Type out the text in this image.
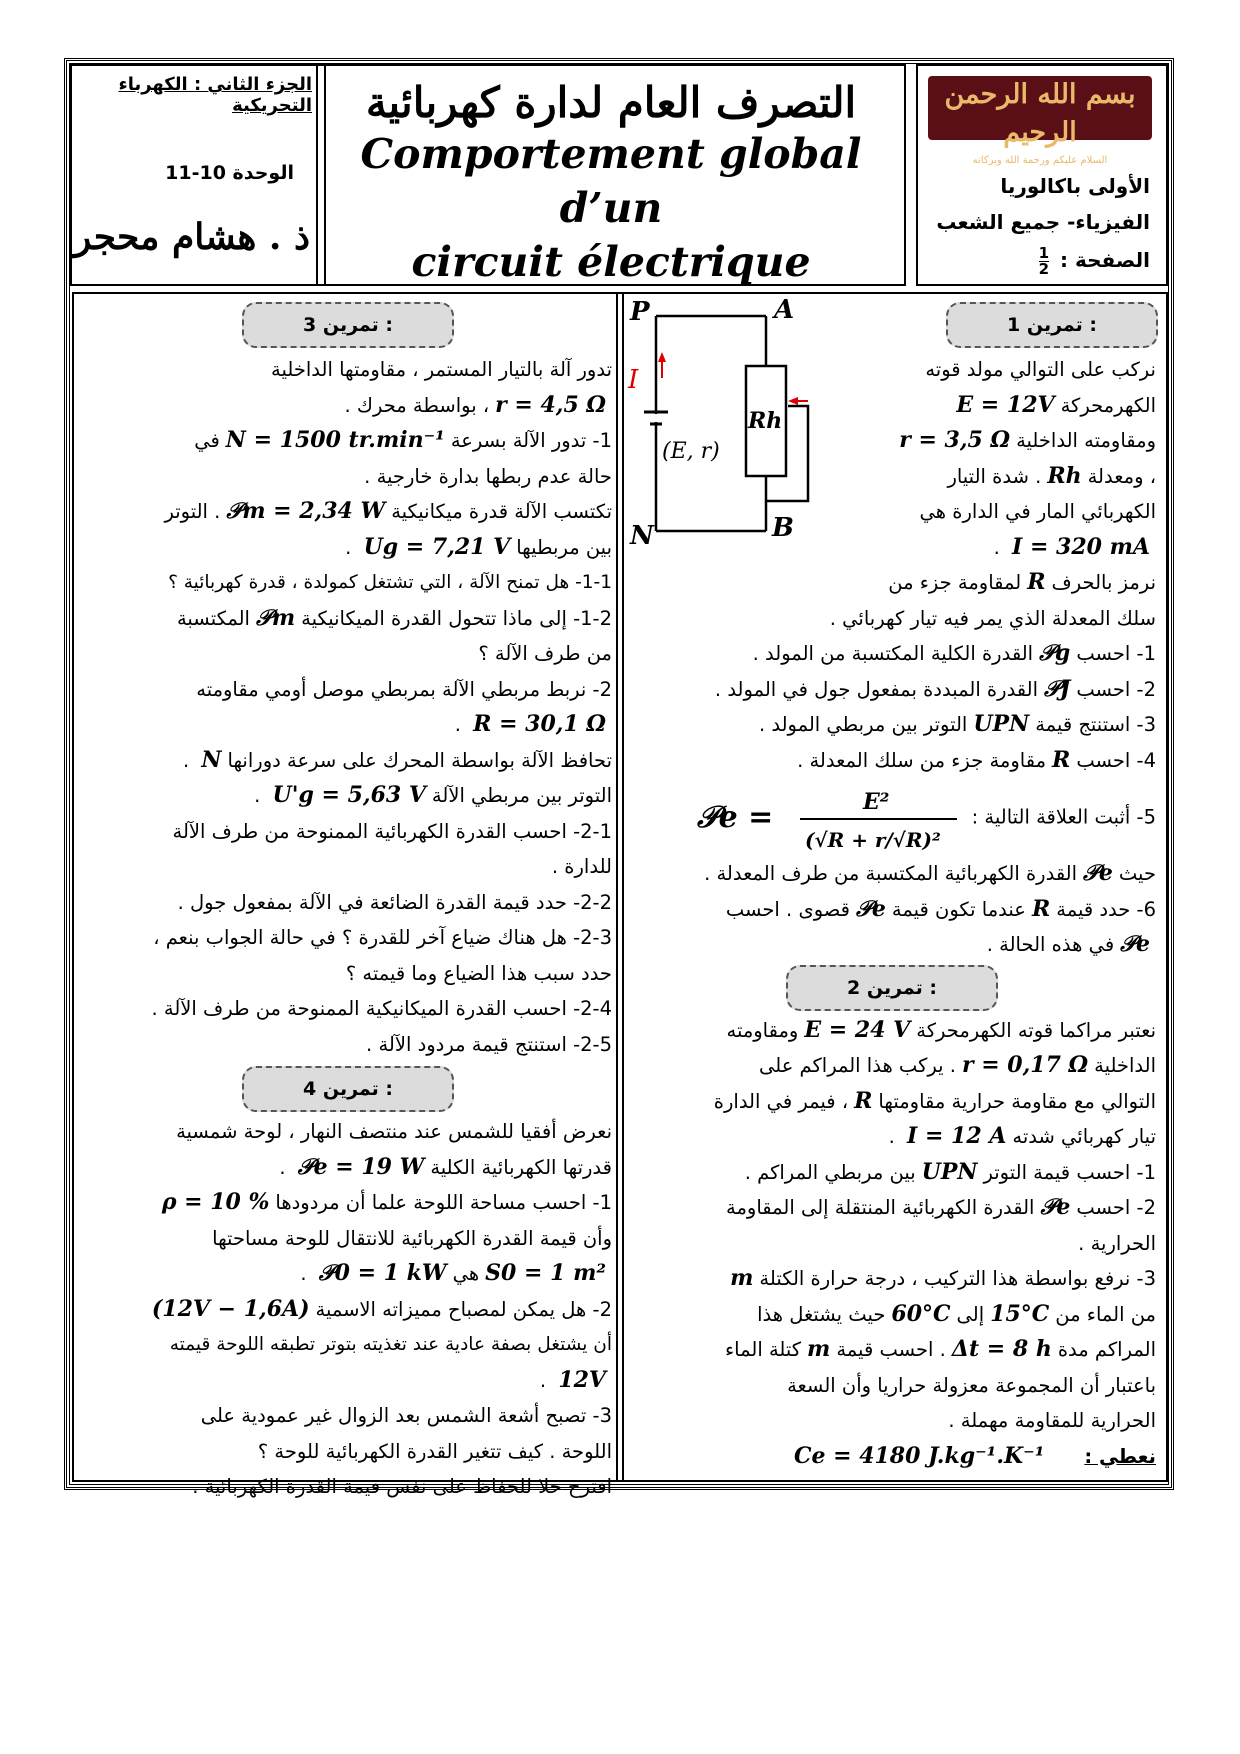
بسم الله الرحمن الرحيم
السلام عليكم ورحمة الله وبركاته
الأولى باكالوريا
الفيزياء- جميع الشعب
الصفحة :
$\frac{1}{2}$
التصرف العام لدارة كهربائية
Comportement global d’un
circuit électrique
الجزء الثاني : الكهرباء التحريكية
الوحدة 10-11
ذ . هشام محجر
P	A
N	B
I
(E, r)
Rh
تمرين 1 :
نركب على التوالي مولد قوته
الكهرمحركةE = 12V
ومقاومته الداخليةr = 3,5 Ω
، ومعدلةRh. شدة التيار
الكهربائي المار في الدارة هي
I = 320 mA .
نرمز بالحرفRلمقاومة جزء من
سلك المعدلة الذي يمر فيه تيار كهربائي .
1- احسب𝒫gالقدرة الكلية المكتسبة من المولد .
2- احسب𝒫Jالقدرة المبددة بمفعول جول في المولد .
3- استنتج قيمةUPNالتوتر بين مربطي المولد .
4- احسبRمقاومة جزء من سلك المعدلة .
5- أثبت العلاقة التالية :
𝒫e =	E²
(√R + r/√R)²
حيث𝒫eالقدرة الكهربائية المكتسبة من طرف المعدلة .
6- حدد قيمةRعندما تكون قيمة𝒫eقصوى . احسب
𝒫eفي هذه الحالة .
تمرين 2 :
نعتبر مراكما قوته الكهرمحركةE = 24 Vومقاومته
الداخليةr = 0,17 Ω. يركب هذا المراكم على
التوالي مع مقاومة حرارية مقاومتهاR، فيمر في الدارة
تيار كهربائي شدتهI = 12 A .
1- احسب قيمة التوترUPNبين مربطي المراكم .
2- احسب𝒫eالقدرة الكهربائية المنتقلة إلى المقاومة
الحرارية .
3- نرفع بواسطة هذا التركيب ، درجة حرارة الكتلةm
من الماء من15°Cإلى60°Cحيث يشتغل هذا
المراكم مدةΔt = 8 h. احسب قيمةmكتلة الماء
باعتبار أن المجموعة معزولة حراريا وأن السعة
الحرارية للمقاومة مهملة .
نعطي :Ce = 4180 J.kg⁻¹.K⁻¹
تمرين 3 :
تدور آلة بالتيار المستمر ، مقاومتها الداخلية
r = 4,5 Ω، بواسطة محرك .
1- تدور الآلة بسرعةN = 1500 tr.min⁻¹في
حالة عدم ربطها بدارة خارجية .
تكتسب الآلة قدرة ميكانيكية𝒫m = 2,34 W. التوتر
بين مربطيهاUg = 7,21 V .
1-1- هل تمنح الآلة ، التي تشتغل كمولدة ، قدرة كهربائية ؟
1-2- إلى ماذا تتحول القدرة الميكانيكية𝒫mالمكتسبة
من طرف الآلة ؟
2- نربط مربطي الآلة بمربطي موصل أومي مقاومته
R = 30,1 Ω .
تحافظ الآلة بواسطة المحرك على سرعة دورانهاN .
التوتر بين مربطي الآلةU'g = 5,63 V .
2-1- احسب القدرة الكهربائية الممنوحة من طرف الآلة
للدارة .
2-2- حدد قيمة القدرة الضائعة في الآلة بمفعول جول .
2-3- هل هناك ضياع آخر للقدرة ؟ في حالة الجواب بنعم ،
حدد سبب هذا الضياع وما قيمته ؟
2-4- احسب القدرة الميكانيكية الممنوحة من طرف الآلة .
2-5- استنتج قيمة مردود الآلة .
تمرين 4 :
نعرض أفقيا للشمس عند منتصف النهار ، لوحة شمسية
قدرتها الكهربائية الكلية𝒫e = 19 W .
1- احسب مساحة اللوحة علما أن مردودهاρ = 10 %
وأن قيمة القدرة الكهربائية للانتقال للوحة مساحتها
S0 = 1 m²هي𝒫0 = 1 kW .
2- هل يمكن لمصباح مميزاته الاسمية(12V − 1,6A)
أن يشتغل بصفة عادية عند تغذيته بتوتر تطبقه اللوحة قيمته
12V .
3- تصبح أشعة الشمس بعد الزوال غير عمودية على
اللوحة . كيف تتغير القدرة الكهربائية للوحة ؟
اقترح حلا للحفاظ على نفس قيمة القدرة الكهربائية .
